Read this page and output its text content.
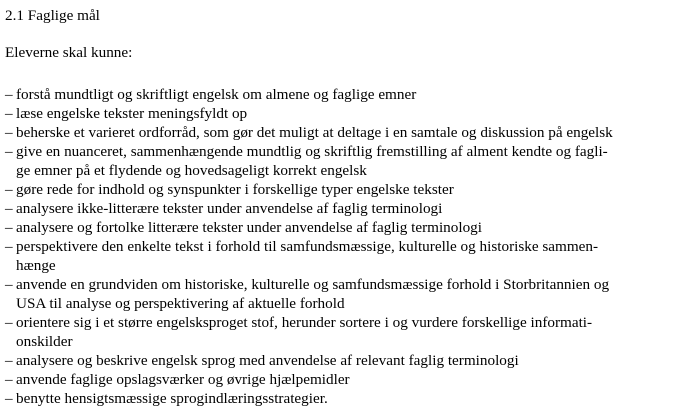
2.1 Faglige mål

Eleverne skal kunne:

– forstå mundtligt og skriftligt engelsk om almene og faglige emner
– læse engelske tekster meningsfyldt op
– beherske et varieret ordforråd, som gør det muligt at deltage i en samtale og diskussion på engelsk
– give en nuanceret, sammenhængende mundtlig og skriftlig fremstilling af alment kendte og fagli-
ge emner på et flydende og hovedsageligt korrekt engelsk
– gøre rede for indhold og synspunkter i forskellige typer engelske tekster
– analysere ikke-litterære tekster under anvendelse af faglig terminologi
– analysere og fortolke litterære tekster under anvendelse af faglig terminologi
– perspektivere den enkelte tekst i forhold til samfundsmæssige, kulturelle og historiske sammen-
hænge
– anvende en grundviden om historiske, kulturelle og samfundsmæssige forhold i Storbritannien og
USA til analyse og perspektivering af aktuelle forhold
– orientere sig i et større engelsksproget stof, herunder sortere i og vurdere forskellige informati-
onskilder
– analysere og beskrive engelsk sprog med anvendelse af relevant faglig terminologi
– anvende faglige opslagsværker og øvrige hjælpemidler
– benytte hensigtsmæssige sprogindlæringsstrategier.
